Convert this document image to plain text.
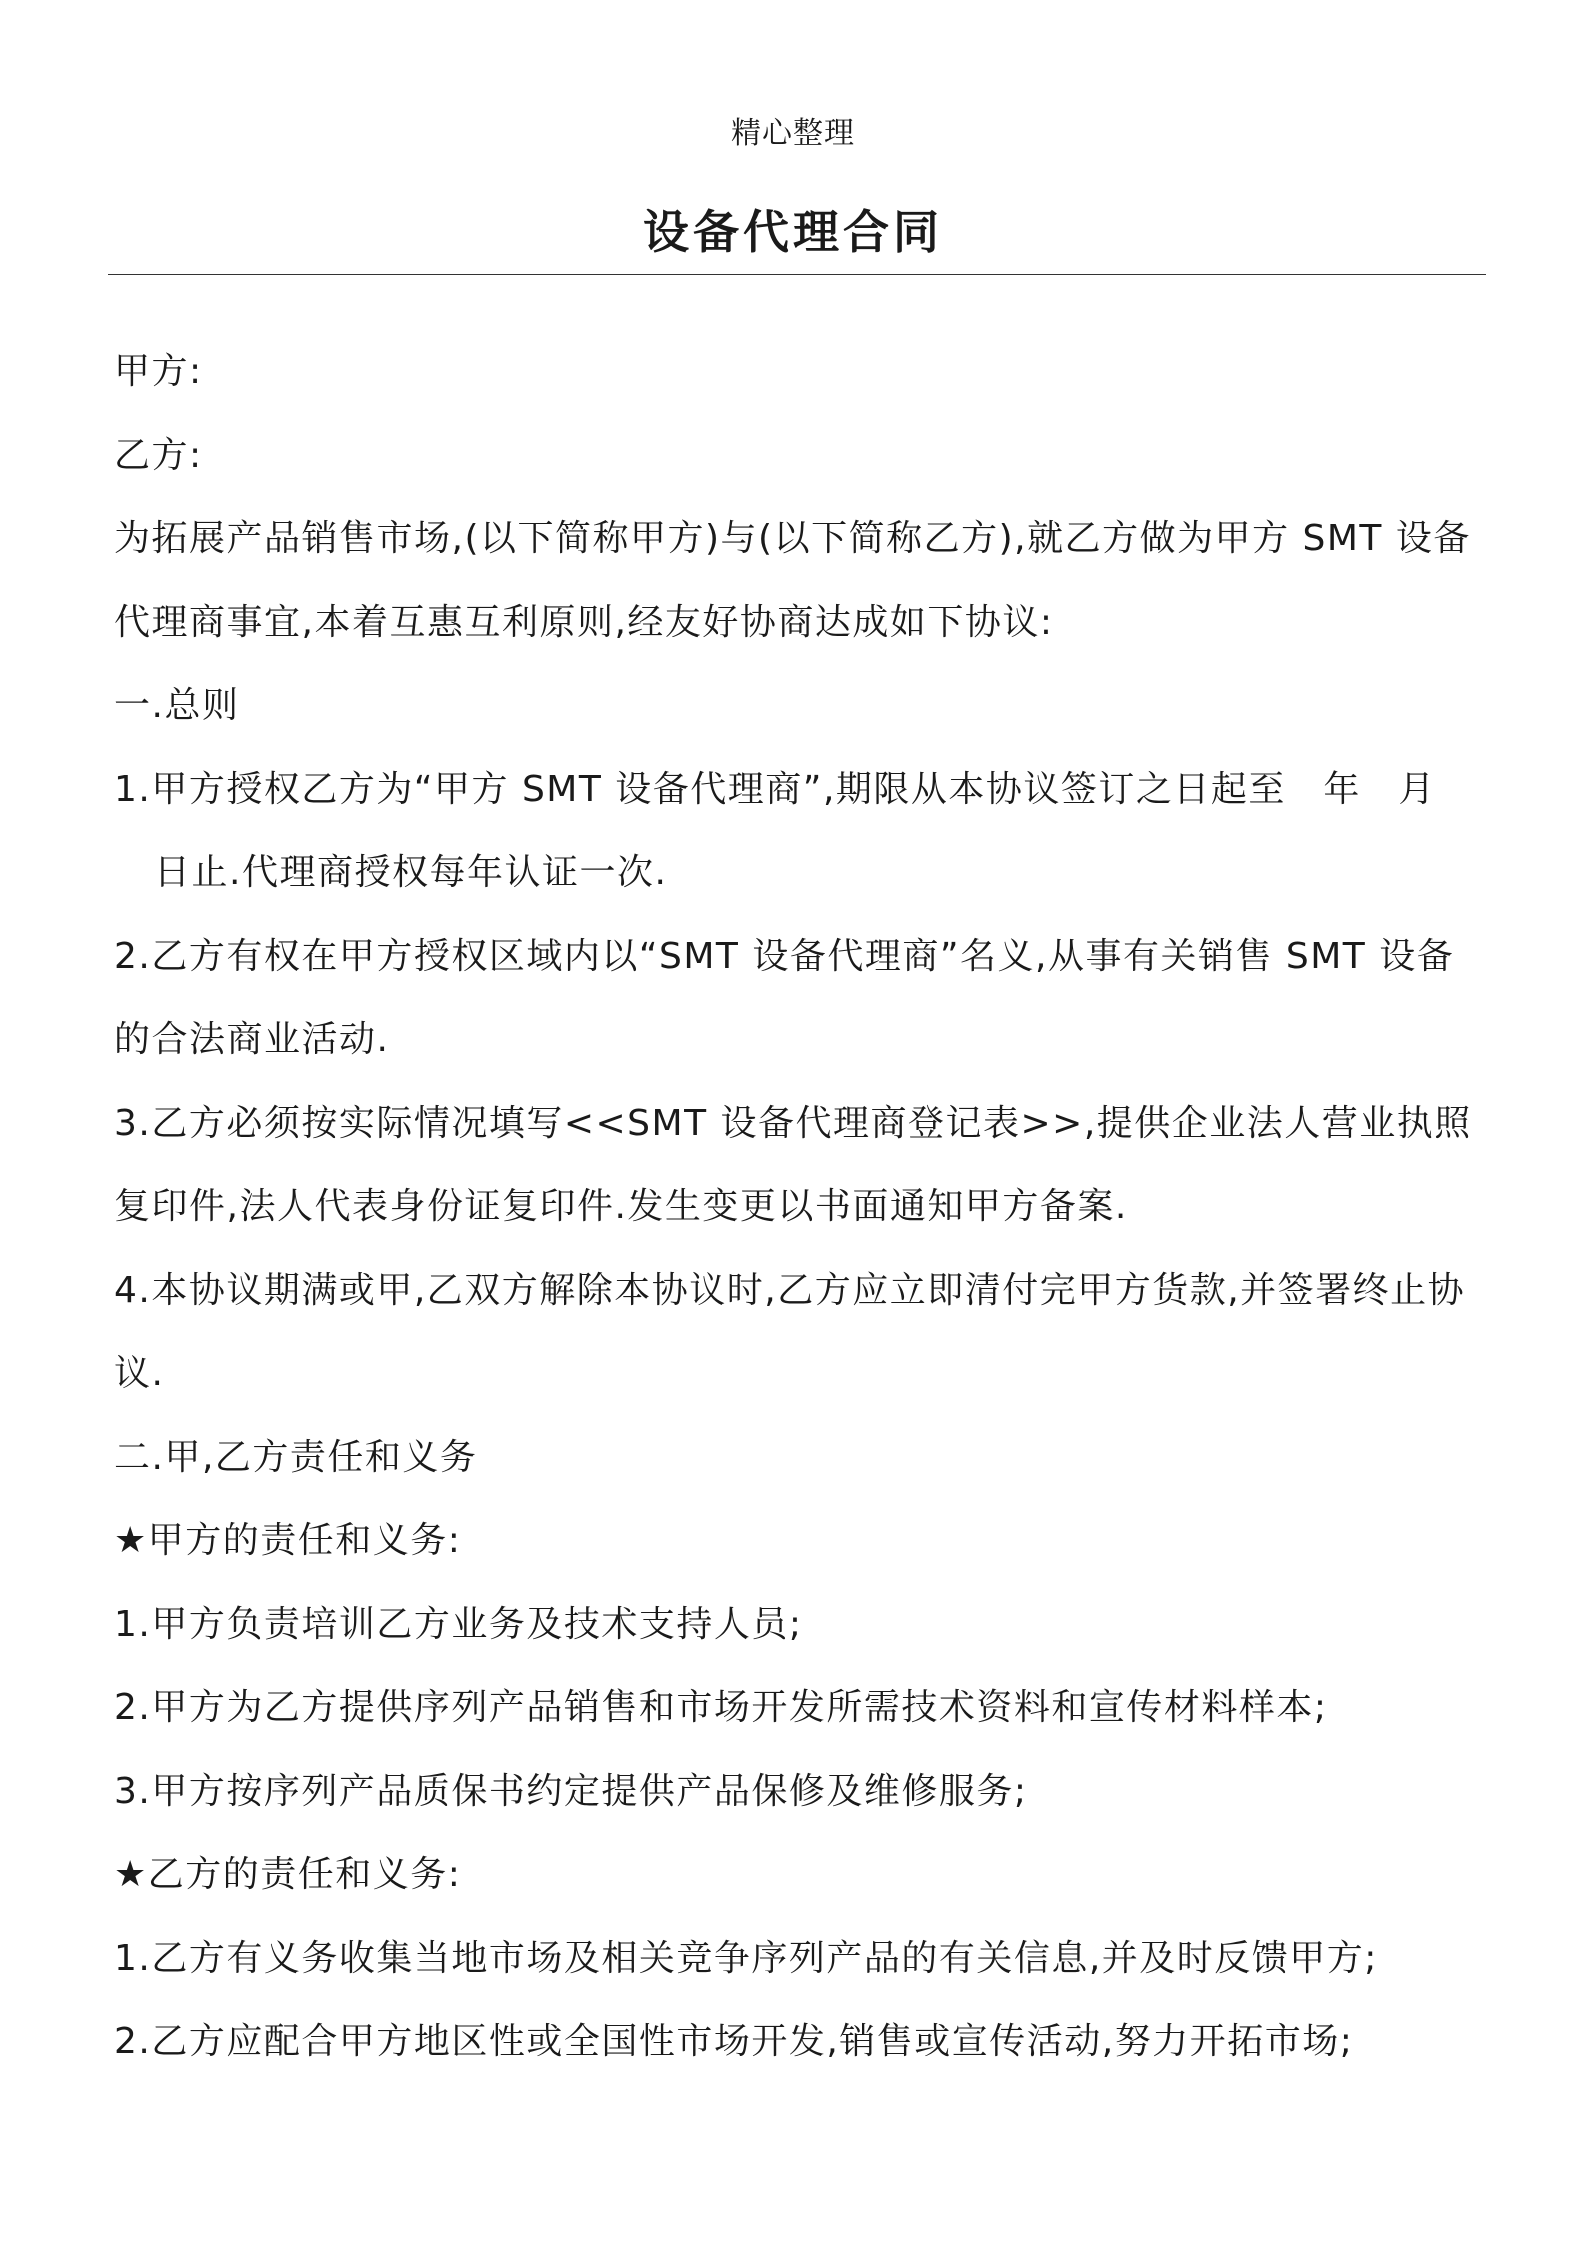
精心整理
设备代理合同
甲方:
乙方:
为拓展产品销售市场,(以下简称甲方)与(以下简称乙方),就乙方做为甲方 SMT 设备
代理商事宜,本着互惠互利原则,经友好协商达成如下协议:
一.总则
1.甲方授权乙方为“甲方 SMT 设备代理商”,期限从本协议签订之日起至　年　月
日止.代理商授权每年认证一次.
2.乙方有权在甲方授权区域内以“SMT 设备代理商”名义,从事有关销售 SMT 设备
的合法商业活动.
3.乙方必须按实际情况填写<<SMT 设备代理商登记表>>,提供企业法人营业执照
复印件,法人代表身份证复印件.发生变更以书面通知甲方备案.
4.本协议期满或甲,乙双方解除本协议时,乙方应立即清付完甲方货款,并签署终止协
议.
二.甲,乙方责任和义务
★甲方的责任和义务:
1.甲方负责培训乙方业务及技术支持人员;
2.甲方为乙方提供序列产品销售和市场开发所需技术资料和宣传材料样本;
3.甲方按序列产品质保书约定提供产品保修及维修服务;
★乙方的责任和义务:
1.乙方有义务收集当地市场及相关竞争序列产品的有关信息,并及时反馈甲方;
2.乙方应配合甲方地区性或全国性市场开发,销售或宣传活动,努力开拓市场;
